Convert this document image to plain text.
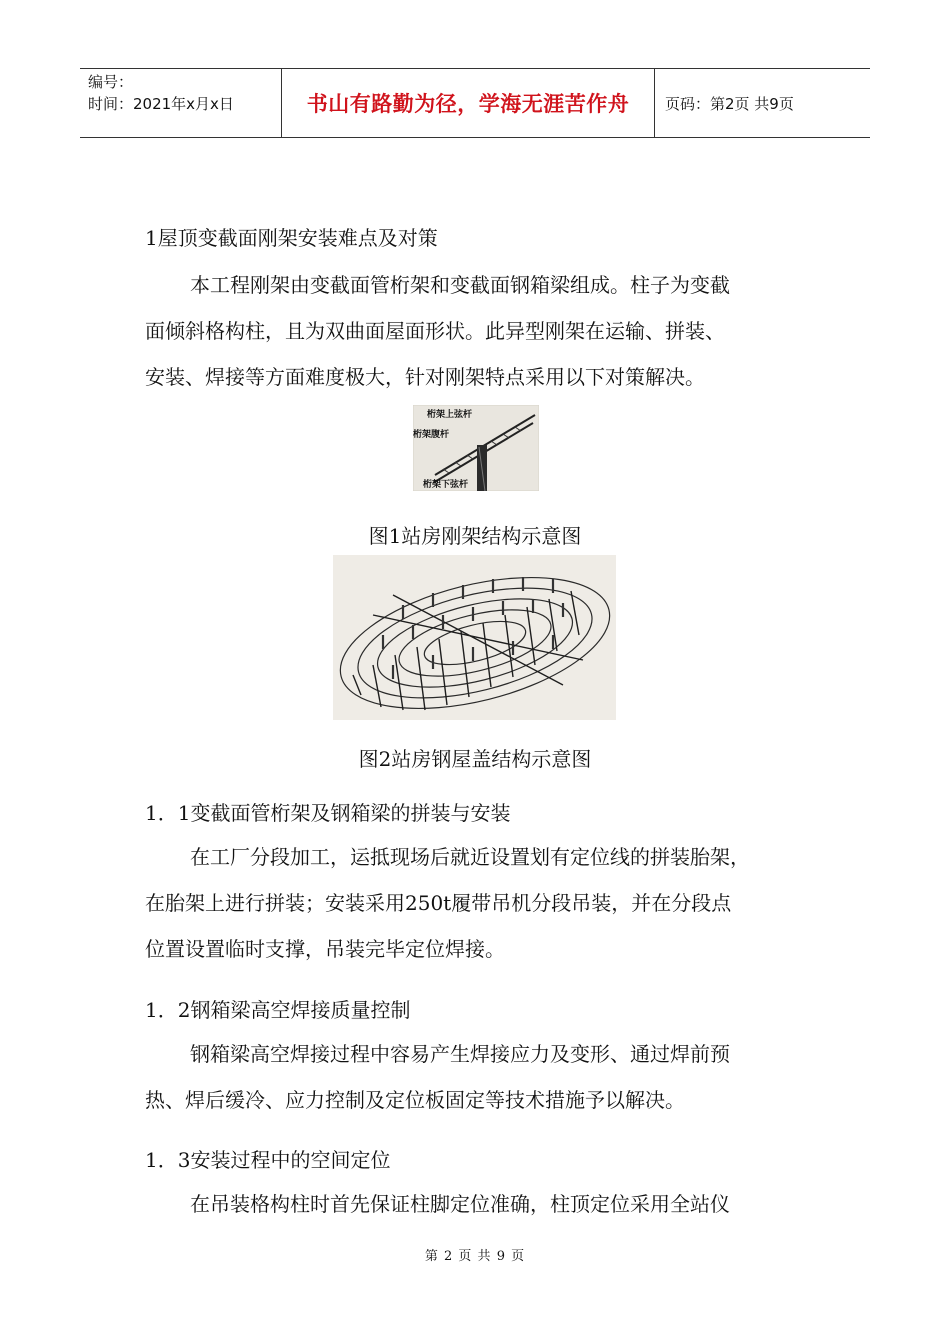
编号：
时间：2021年x月x日	书山有路勤为径，学海无涯苦作舟	页码：第2页 共9页
1屋顶变截面刚架安装难点及对策
本工程刚架由变截面管桁架和变截面钢箱梁组成。柱子为变截
面倾斜格构柱，且为双曲面屋面形状。此异型刚架在运输、拼装、
安装、焊接等方面难度极大，针对刚架特点采用以下对策解决。
桁架上弦杆
桁架腹杆
桁架下弦杆
图1站房刚架结构示意图
图2站房钢屋盖结构示意图
1．1变截面管桁架及钢箱梁的拼装与安装
在工厂分段加工，运抵现场后就近设置划有定位线的拼装胎架，
在胎架上进行拼装；安装采用250t履带吊机分段吊装，并在分段点
位置设置临时支撑，吊装完毕定位焊接。
1．2钢箱梁高空焊接质量控制
钢箱梁高空焊接过程中容易产生焊接应力及变形、通过焊前预
热、焊后缓冷、应力控制及定位板固定等技术措施予以解决。
1．3安装过程中的空间定位
在吊装格构柱时首先保证柱脚定位准确，柱顶定位采用全站仪
第 2 页 共 9 页
